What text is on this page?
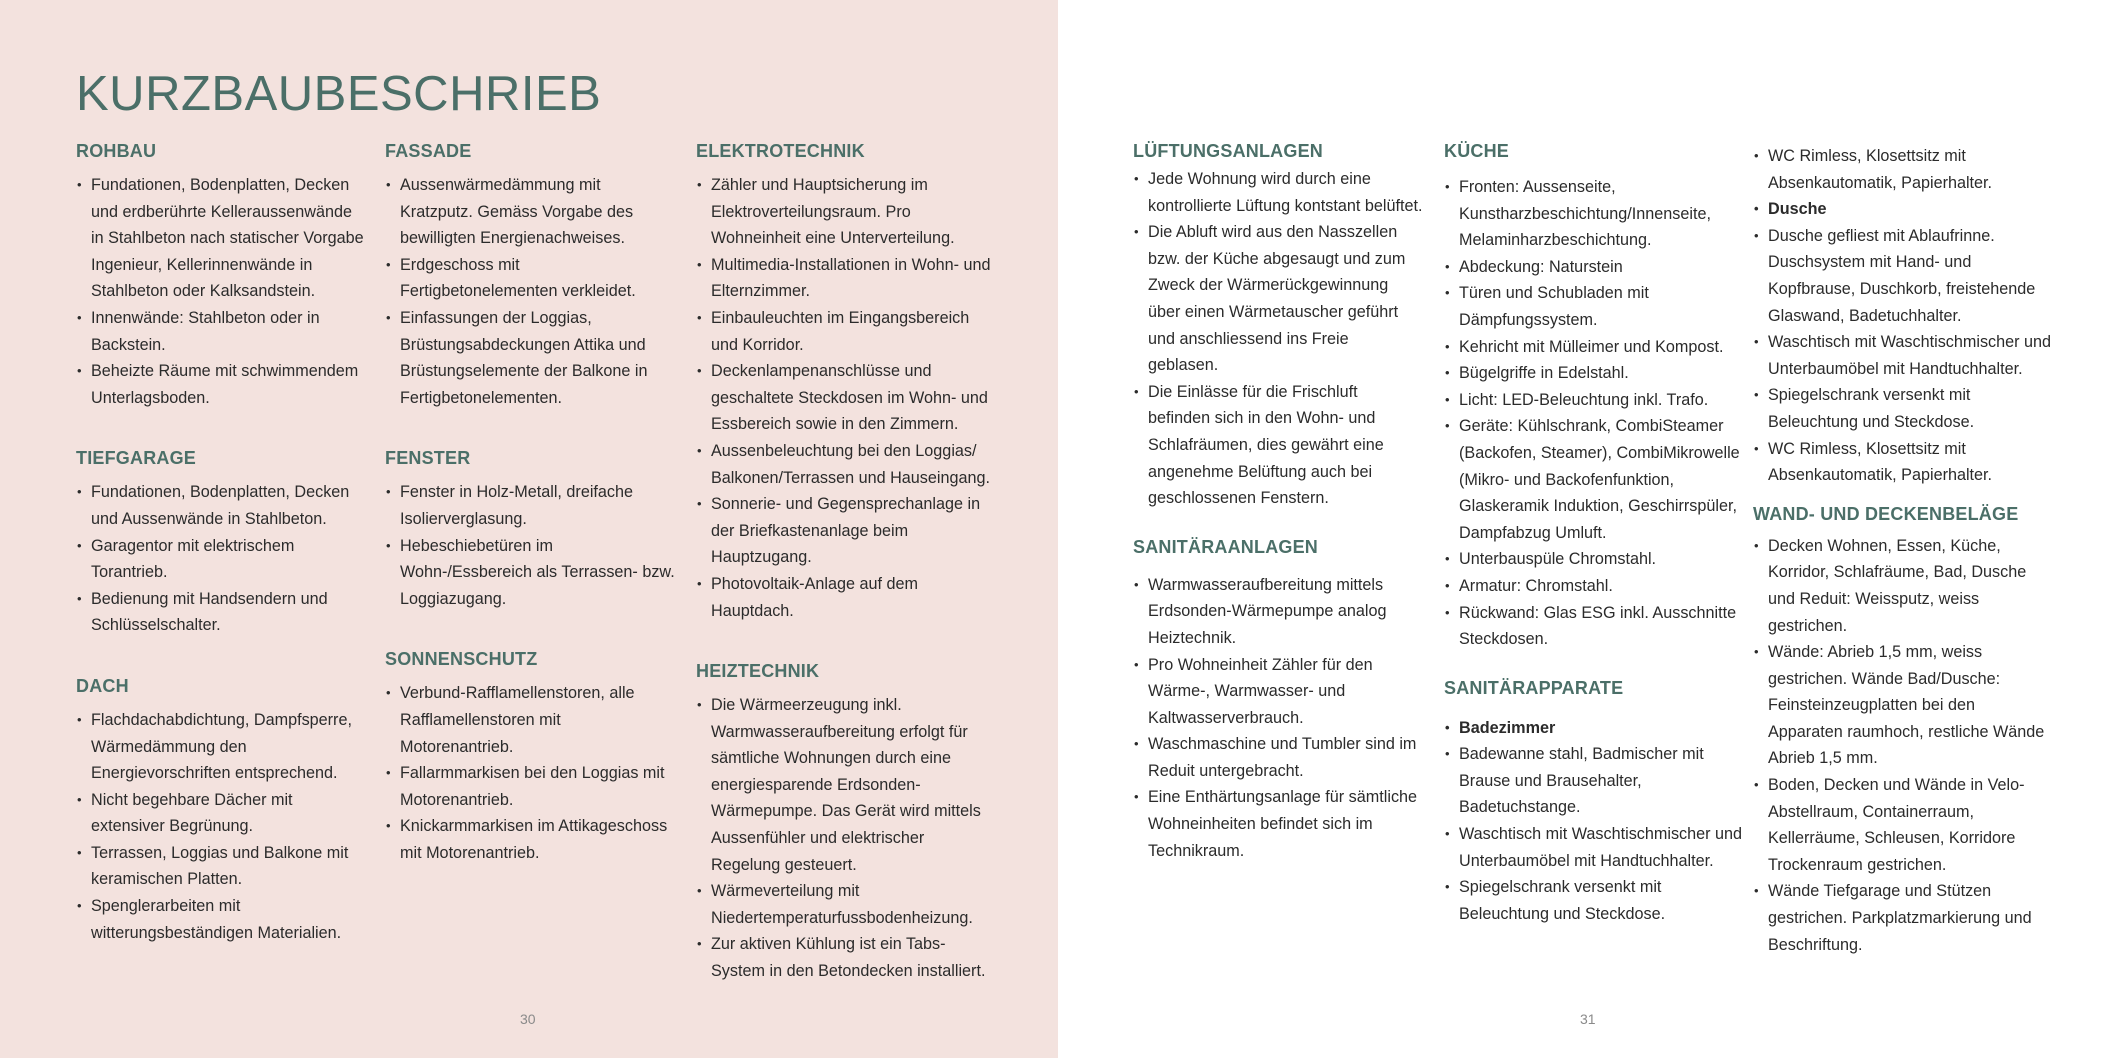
KURZBAUBESCHRIEB
ROHBAU
• Fundationen, Bodenplatten, Decken und erdberührte Kelleraussenwände in Stahlbeton nach statischer Vorgabe Ingenieur, Kellerinnenwände in Stahlbeton oder Kalksandstein.
• Innenwände: Stahlbeton oder in Backstein.
• Beheizte Räume mit schwimmendem Unterlagsboden.
TIEFGARAGE
• Fundationen, Bodenplatten, Decken und Aussenwände in Stahlbeton.
• Garagentor mit elektrischem Torantrieb.
• Bedienung mit Handsendern und Schlüsselschalter.
DACH
• Flachdachabdichtung, Dampfsperre, Wärmedämmung den Energievorschriften entsprechend.
• Nicht begehbare Dächer mit extensiver Begrünung.
• Terrassen, Loggias und Balkone mit keramischen Platten.
• Spenglerarbeiten mit witterungsbeständigen Materialien.
FASSADE
• Aussenwärmedämmung mit Kratzputz. Gemäss Vorgabe des bewilligten Energienachweises.
• Erdgeschoss mit Fertigbetonelementen verkleidet.
• Einfassungen der Loggias, Brüstungsabdeckungen Attika und Brüstungselemente der Balkone in Fertigbetonelementen.
FENSTER
• Fenster in Holz-Metall, dreifache Isolierverglasung.
• Hebeschiebetüren im Wohn-/Essbereich als Terrassen- bzw. Loggiazugang.
SONNENSCHUTZ
• Verbund-Rafflamellenstoren, alle Rafflamellenstoren mit Motorenantrieb.
• Fallarmmarkisen bei den Loggias mit Motorenantrieb.
• Knickarmmarkisen im Attikageschoss mit Motorenantrieb.
ELEKTROTECHNIK
• Zähler und Hauptsicherung im Elektroverteilungsraum. Pro Wohneinheit eine Unterverteilung.
• Multimedia-Installationen in Wohn- und Elternzimmer.
• Einbauleuchten im Eingangsbereich und Korridor.
• Deckenlampenanschlüsse und geschaltete Steckdosen im Wohn- und Essbereich sowie in den Zimmern.
• Aussenbeleuchtung bei den Loggias/ Balkonen/Terrassen und Hauseingang.
• Sonnerie- und Gegensprechanlage in der Briefkastenanlage beim Hauptzugang.
• Photovoltaik-Anlage auf dem Hauptdach.
HEIZTECHNIK
• Die Wärmeerzeugung inkl. Warmwasseraufbereitung erfolgt für sämtliche Wohnungen durch eine energiesparende Erdsonden-Wärmepumpe. Das Gerät wird mittels Aussenfühler und elektrischer Regelung gesteuert.
• Wärmeverteilung mit Niedertemperaturfussbodenheizung.
• Zur aktiven Kühlung ist ein Tabs-System in den Betondecken installiert.
30
LÜFTUNGSANLAGEN
• Jede Wohnung wird durch eine kontrollierte Lüftung kontstant belüftet.
• Die Abluft wird aus den Nasszellen bzw. der Küche abgesaugt und zum Zweck der Wärmerückgewinnung über einen Wärmetauscher geführt und anschliessend ins Freie geblasen.
• Die Einlässe für die Frischluft befinden sich in den Wohn- und Schlafräumen, dies gewährt eine angenehme Belüftung auch bei geschlossenen Fenstern.
SANITÄRAANLAGEN
• Warmwasseraufbereitung mittels Erdsonden-Wärmepumpe analog Heiztechnik.
• Pro Wohneinheit Zähler für den Wärme-, Warmwasser- und Kaltwasserverbrauch.
• Waschmaschine und Tumbler sind im Reduit untergebracht.
• Eine Enthärtungsanlage für sämtliche Wohneinheiten befindet sich im Technikraum.
KÜCHE
• Fronten: Aussenseite, Kunstharzbeschichtung/Innenseite, Melaminharzbeschichtung.
• Abdeckung: Naturstein
• Türen und Schubladen mit Dämpfungssystem.
• Kehricht mit Mülleimer und Kompost.
• Bügelgriffe in Edelstahl.
• Licht: LED-Beleuchtung inkl. Trafo.
• Geräte: Kühlschrank, CombiSteamer (Backofen, Steamer), CombiMikrowelle (Mikro- und Backofenfunktion, Glaskeramik Induktion, Geschirrspüler, Dampfabzug Umluft.
• Unterbauspüle Chromstahl.
• Armatur: Chromstahl.
• Rückwand: Glas ESG inkl. Ausschnitte Steckdosen.
SANITÄRAPPARATE
• Badezimmer
• Badewanne stahl, Badmischer mit Brause und Brausehalter, Badetuchstange.
• Waschtisch mit Waschtischmischer und Unterbaumöbel mit Handtuchhalter.
• Spiegelschrank versenkt mit Beleuchtung und Steckdose.
• WC Rimless, Klosettsitz mit Absenkautomatik, Papierhalter.
• Dusche
• Dusche gefliest mit Ablaufrinne. Duschsystem mit Hand- und Kopfbrause, Duschkorb, freistehende Glaswand, Badetuchhalter.
• Waschtisch mit Waschtischmischer und Unterbaumöbel mit Handtuchhalter.
• Spiegelschrank versenkt mit Beleuchtung und Steckdose.
• WC Rimless, Klosettsitz mit Absenkautomatik, Papierhalter.
WAND- UND DECKENBELÄGE
• Decken Wohnen, Essen, Küche, Korridor, Schlafräume, Bad, Dusche und Reduit: Weissputz, weiss gestrichen.
• Wände: Abrieb 1,5 mm, weiss gestrichen. Wände Bad/Dusche: Feinsteinzeugplatten bei den Apparaten raumhoch, restliche Wände Abrieb 1,5 mm.
• Boden, Decken und Wände in Velo-Abstellraum, Containerraum, Kellerräume, Schleusen, Korridore Trockenraum gestrichen.
• Wände Tiefgarage und Stützen gestrichen. Parkplatzmarkierung und Beschriftung.
31
